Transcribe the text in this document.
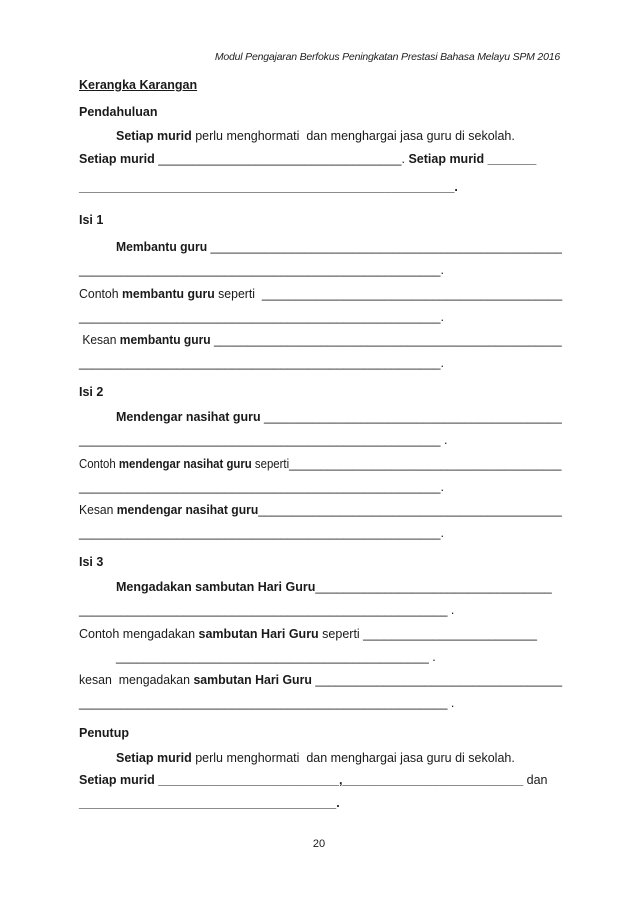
Modul Pengajaran Berfokus Peningkatan Prestasi Bahasa Melayu SPM 2016
Kerangka Karangan
Pendahuluan
Setiap murid perlu menghormati  dan menghargai jasa guru di sekolah.
Setiap murid ___________________________________. Setiap murid _______
______________________________________________________.
Isi 1
Membantu guru ____________________________________________________
____________________________________________________.
Contoh membantu guru seperti  ____________________________________________
____________________________________________________.
Kesan membantu guru ____________________________________________________
____________________________________________________.
Isi 2
Mendengar nasihat guru ___________________________________________
____________________________________________________ .
Contoh mendengar nasihat guru seperti___________________________________________
____________________________________________________.
Kesan mendengar nasihat guru_____________________________________________
____________________________________________________.
Isi 3
Mengadakan sambutan Hari Guru__________________________________
_____________________________________________________ .
Contoh mengadakan sambutan Hari Guru seperti _________________________
_____________________________________________ .
kesan  mengadakan sambutan Hari Guru ____________________________________
_____________________________________________________ .
Penutup
Setiap murid perlu menghormati  dan menghargai jasa guru di sekolah.
Setiap murid __________________________,__________________________ dan
_____________________________________.
20
